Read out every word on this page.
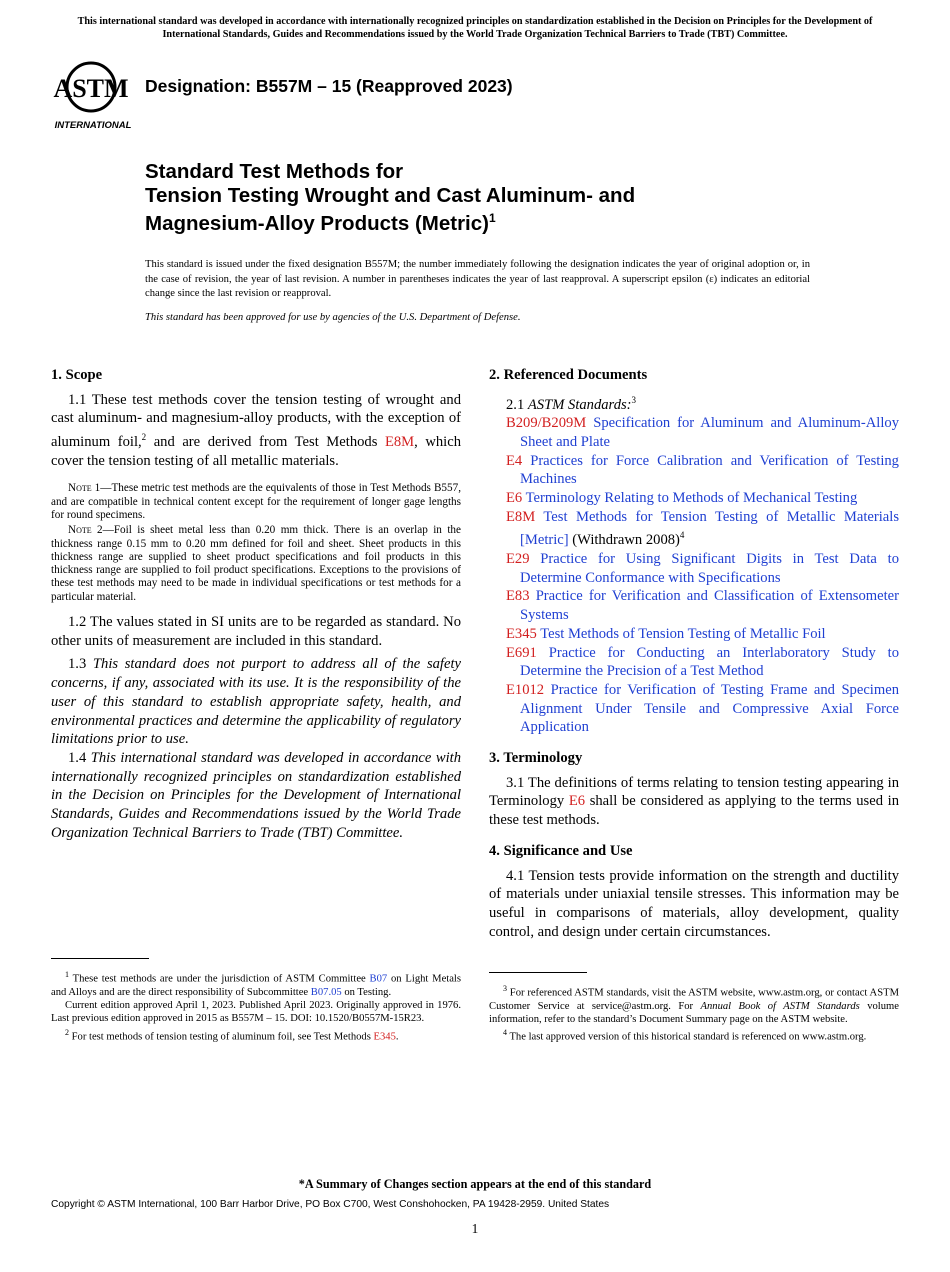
This international standard was developed in accordance with internationally recognized principles on standardization established in the Decision on Principles for the Development of International Standards, Guides and Recommendations issued by the World Trade Organization Technical Barriers to Trade (TBT) Committee.
ASTM
INTERNATIONAL
Designation: B557M – 15 (Reapproved 2023)
Standard Test Methods for
Tension Testing Wrought and Cast Aluminum- and
Magnesium-Alloy Products (Metric)$^1$
This standard is issued under the fixed designation B557M; the number immediately following the designation indicates the year of original adoption or, in the case of revision, the year of last revision. A number in parentheses indicates the year of last reapproval. A superscript epsilon (ε) indicates an editorial change since the last revision or reapproval.
This standard has been approved for use by agencies of the U.S. Department of Defense.
1. Scope

1.1 These test methods cover the tension testing of wrought and cast aluminum- and magnesium-alloy products, with the exception of aluminum foil,$^2$ and are derived from Test Methods E8M, which cover the tension testing of all metallic materials.

Note 1—These metric test methods are the equivalents of those in Test Methods B557, and are compatible in technical content except for the requirement of longer gage lengths for round specimens.

Note 2—Foil is sheet metal less than 0.20 mm thick. There is an overlap in the thickness range 0.15 mm to 0.20 mm defined for foil and sheet. Sheet products in this thickness range are supplied to sheet product specifications and foil products in this thickness range are supplied to foil product specifications. Exceptions to the provisions of these test methods may need to be made in individual specifications or test methods for a particular material.

1.2 The values stated in SI units are to be regarded as standard. No other units of measurement are included in this standard.

1.3 This standard does not purport to address all of the safety concerns, if any, associated with its use. It is the responsibility of the user of this standard to establish appropriate safety, health, and environmental practices and determine the applicability of regulatory limitations prior to use.

1.4 This international standard was developed in accordance with internationally recognized principles on standardization established in the Decision on Principles for the Development of International Standards, Guides and Recommendations issued by the World Trade Organization Technical Barriers to Trade (TBT) Committee.

2. Referenced Documents

2.1 ASTM Standards:$^3$

B209/B209M Specification for Aluminum and Aluminum-Alloy Sheet and Plate
E4 Practices for Force Calibration and Verification of Testing Machines
E6 Terminology Relating to Methods of Mechanical Testing
E8M Test Methods for Tension Testing of Metallic Materials [Metric] (Withdrawn 2008)$^4$
E29 Practice for Using Significant Digits in Test Data to Determine Conformance with Specifications
E83 Practice for Verification and Classification of Extensometer Systems
E345 Test Methods of Tension Testing of Metallic Foil
E691 Practice for Conducting an Interlaboratory Study to Determine the Precision of a Test Method
E1012 Practice for Verification of Testing Frame and Specimen Alignment Under Tensile and Compressive Axial Force Application
3. Terminology

3.1 The definitions of terms relating to tension testing appearing in Terminology E6 shall be considered as applying to the terms used in these test methods.

4. Significance and Use

4.1 Tension tests provide information on the strength and ductility of materials under uniaxial tensile stresses. This information may be useful in comparisons of materials, alloy development, quality control, and design under certain circumstances.

$^1$ These test methods are under the jurisdiction of ASTM Committee B07 on Light Metals and Alloys and are the direct responsibility of Subcommittee B07.05 on Testing.

Current edition approved April 1, 2023. Published April 2023. Originally approved in 1976. Last previous edition approved in 2015 as B557M – 15. DOI: 10.1520/B0557M-15R23.

$^2$ For test methods of tension testing of aluminum foil, see Test Methods E345.

$^3$ For referenced ASTM standards, visit the ASTM website, www.astm.org, or contact ASTM Customer Service at service@astm.org. For Annual Book of ASTM Standards volume information, refer to the standard’s Document Summary page on the ASTM website.

$^4$ The last approved version of this historical standard is referenced on www.astm.org.

*A Summary of Changes section appears at the end of this standard
Copyright © ASTM International, 100 Barr Harbor Drive, PO Box C700, West Conshohocken, PA 19428-2959. United States
1
